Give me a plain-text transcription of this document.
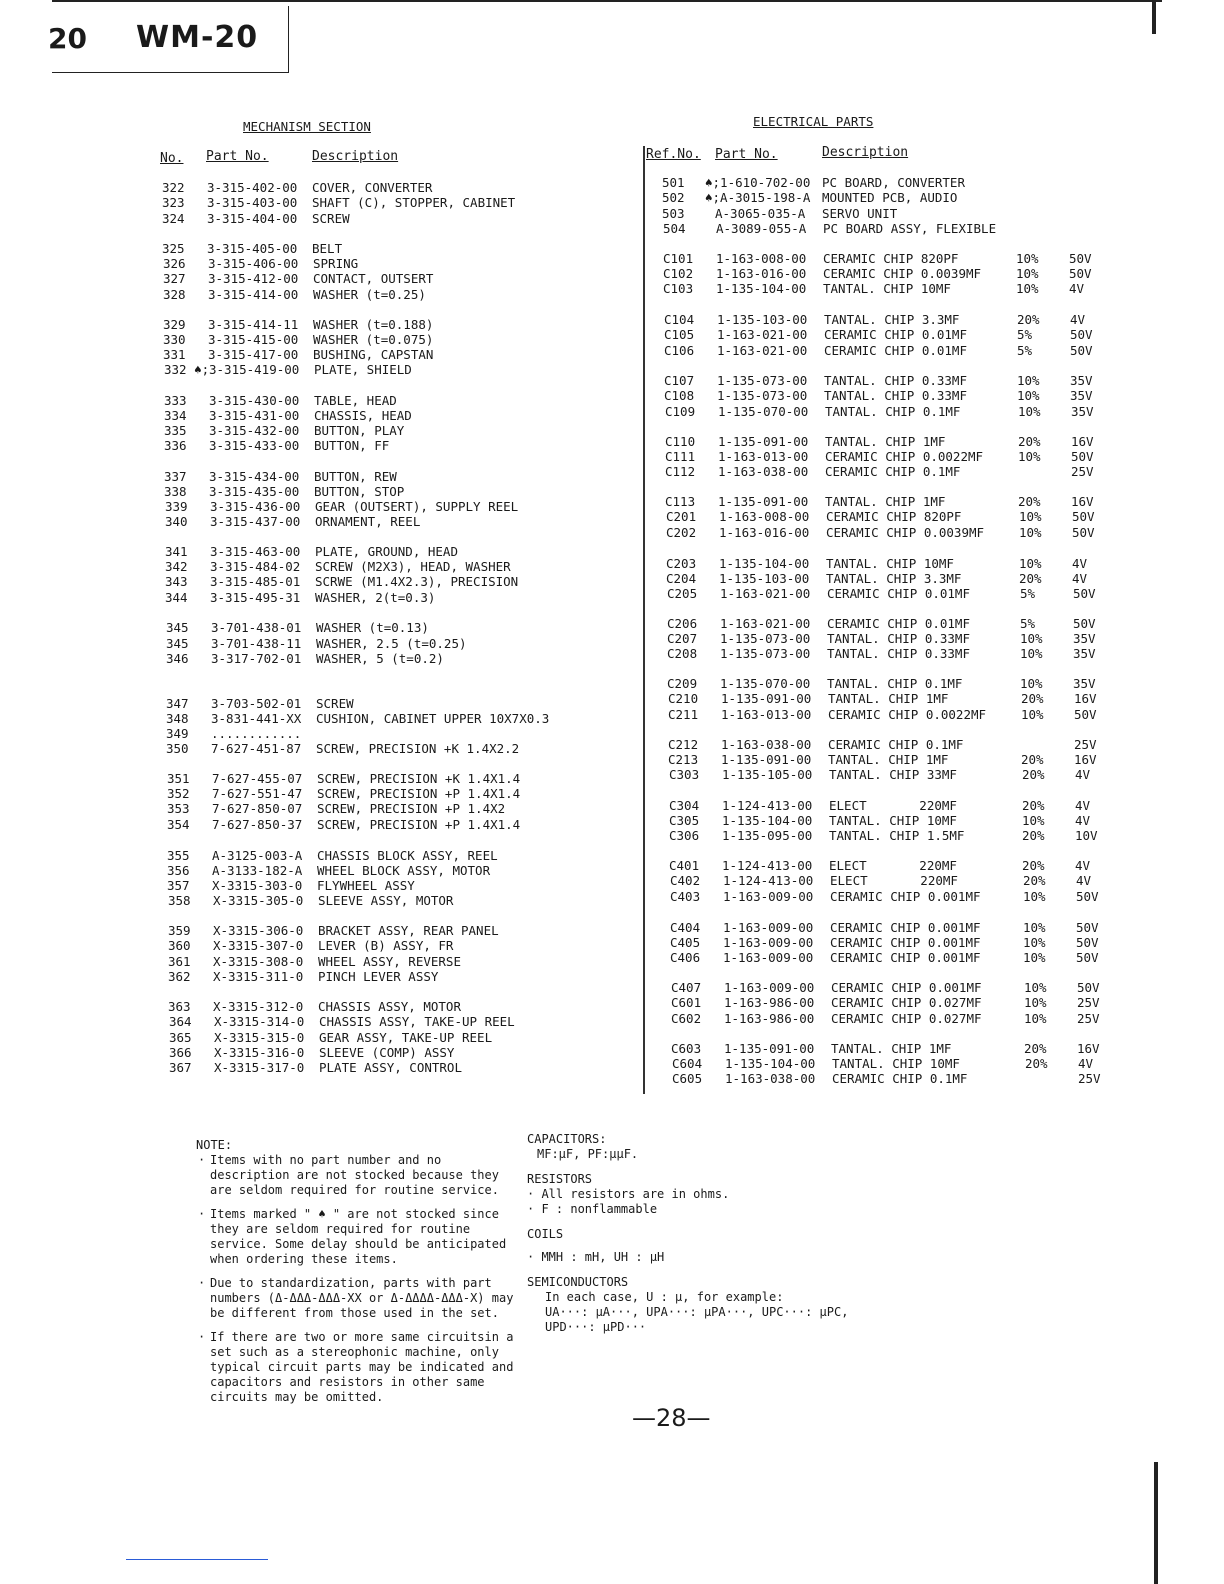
20 WM-20
MECHANISM SECTION
No. Part No.	Description
322 3-315-402-00 COVER, CONVERTER
323 3-315-403-00 SHAFT (C), STOPPER, CABINET
324 3-315-404-00 SCREW
325 3-315-405-00 BELT
326 3-315-406-00 SPRING
327 3-315-412-00 CONTACT, OUTSERT
328 3-315-414-00 WASHER (t=0.25)
329 3-315-414-11 WASHER (t=0.188)
330 3-315-415-00 WASHER (t=0.075)
331 3-315-417-00 BUSHING, CAPSTAN
332 ♠; 3-315-419-00 PLATE, SHIELD
333 3-315-430-00 TABLE, HEAD
334 3-315-431-00 CHASSIS, HEAD
335 3-315-432-00 BUTTON, PLAY
336 3-315-433-00 BUTTON, FF
337 3-315-434-00 BUTTON, REW
338 3-315-435-00 BUTTON, STOP
339 3-315-436-00 GEAR (OUTSERT), SUPPLY REEL
340 3-315-437-00 ORNAMENT, REEL
341 3-315-463-00 PLATE, GROUND, HEAD
342 3-315-484-02 SCREW (M2X3), HEAD, WASHER
343 3-315-485-01 SCRWE (M1.4X2.3), PRECISION
344 3-315-495-31 WASHER, 2(t=0.3)
345 3-701-438-01 WASHER (t=0.13)
345 3-701-438-11 WASHER, 2.5 (t=0.25)
346 3-317-702-01 WASHER, 5 (t=0.2)
347 3-703-502-01 SCREW
348 3-831-441-XX CUSHION, CABINET UPPER 10X7X0.3
349 ............
350 7-627-451-87 SCREW, PRECISION +K 1.4X2.2
351 7-627-455-07 SCREW, PRECISION +K 1.4X1.4
352 7-627-551-47 SCREW, PRECISION +P 1.4X1.4
353 7-627-850-07 SCREW, PRECISION +P 1.4X2
354 7-627-850-37 SCREW, PRECISION +P 1.4X1.4
355 A-3125-003-A CHASSIS BLOCK ASSY, REEL
356 A-3133-182-A WHEEL BLOCK ASSY, MOTOR
357 X-3315-303-0 FLYWHEEL ASSY
358 X-3315-305-0 SLEEVE ASSY, MOTOR
359 X-3315-306-0 BRACKET ASSY, REAR PANEL
360 X-3315-307-0 LEVER (B) ASSY, FR
361 X-3315-308-0 WHEEL ASSY, REVERSE
362 X-3315-311-0 PINCH LEVER ASSY
363 X-3315-312-0 CHASSIS ASSY, MOTOR
364 X-3315-314-0 CHASSIS ASSY, TAKE-UP REEL
365 X-3315-315-0 GEAR ASSY, TAKE-UP REEL
366 X-3315-316-0 SLEEVE (COMP) ASSY
367 X-3315-317-0 PLATE ASSY, CONTROL
ELECTRICAL PARTS
Ref.No. Part No.	Description
501 ♠;1-610-702-00 PC BOARD, CONVERTER
502 ♠;A-3015-198-A MOUNTED PCB, AUDIO
503 A-3065-035-A SERVO UNIT
504 A-3089-055-A PC BOARD ASSY, FLEXIBLE
C101 1-163-008-00 CERAMIC CHIP 820PF	10% 50V
C102 1-163-016-00 CERAMIC CHIP 0.0039MF	10% 50V
C103 1-135-104-00 TANTAL. CHIP 10MF	10% 4V
C104 1-135-103-00 TANTAL. CHIP 3.3MF	20% 4V
C105 1-163-021-00 CERAMIC CHIP 0.01MF	5%	50V
C106 1-163-021-00 CERAMIC CHIP 0.01MF	5%	50V
C107 1-135-073-00 TANTAL. CHIP 0.33MF	10% 35V
C108 1-135-073-00 TANTAL. CHIP 0.33MF	10% 35V
C109 1-135-070-00 TANTAL. CHIP 0.1MF	10% 35V
C110 1-135-091-00 TANTAL. CHIP 1MF	20% 16V
C111 1-163-013-00 CERAMIC CHIP 0.0022MF	10% 50V
C112 1-163-038-00 CERAMIC CHIP 0.1MF	25V
C113 1-135-091-00 TANTAL. CHIP 1MF	20% 16V
C201 1-163-008-00 CERAMIC CHIP 820PF	10% 50V
C202 1-163-016-00 CERAMIC CHIP 0.0039MF	10% 50V
C203 1-135-104-00 TANTAL. CHIP 10MF	10% 4V
C204 1-135-103-00 TANTAL. CHIP 3.3MF	20% 4V
C205 1-163-021-00 CERAMIC CHIP 0.01MF	5%	50V
C206 1-163-021-00 CERAMIC CHIP 0.01MF	5%	50V
C207 1-135-073-00 TANTAL. CHIP 0.33MF	10% 35V
C208 1-135-073-00 TANTAL. CHIP 0.33MF	10% 35V
C209 1-135-070-00 TANTAL. CHIP 0.1MF	10% 35V
C210 1-135-091-00 TANTAL. CHIP 1MF	20% 16V
C211 1-163-013-00 CERAMIC CHIP 0.0022MF	10% 50V
C212 1-163-038-00 CERAMIC CHIP 0.1MF	25V
C213 1-135-091-00 TANTAL. CHIP 1MF	20% 16V
C303 1-135-105-00 TANTAL. CHIP 33MF	20% 4V
C304 1-124-413-00 ELECT       220MF	20% 4V
C305 1-135-104-00 TANTAL. CHIP 10MF	10% 4V
C306 1-135-095-00 TANTAL. CHIP 1.5MF	20% 10V
C401 1-124-413-00 ELECT       220MF	20% 4V
C402 1-124-413-00 ELECT       220MF	20% 4V
C403 1-163-009-00 CERAMIC CHIP 0.001MF	10% 50V
C404 1-163-009-00 CERAMIC CHIP 0.001MF	10% 50V
C405 1-163-009-00 CERAMIC CHIP 0.001MF	10% 50V
C406 1-163-009-00 CERAMIC CHIP 0.001MF	10% 50V
C407 1-163-009-00 CERAMIC CHIP 0.001MF	10% 50V
C601 1-163-986-00 CERAMIC CHIP 0.027MF	10% 25V
C602 1-163-986-00 CERAMIC CHIP 0.027MF	10% 25V
C603 1-135-091-00 TANTAL. CHIP 1MF	20% 16V
C604 1-135-104-00 TANTAL. CHIP 10MF	20% 4V
C605 1-163-038-00 CERAMIC CHIP 0.1MF	25V
NOTE:
· Items with no part number and no description are not stocked because they are seldom required for routine service.
· Items marked " ♠ " are not stocked since they are seldom required for routine service. Some delay should be anticipated when ordering these items.
· Due to standardization, parts with part numbers (Δ-ΔΔΔ-ΔΔΔ-XX or Δ-ΔΔΔΔ-ΔΔΔ-X) may be different from those used in the set.
· If there are two or more same circuitsin a set such as a stereophonic machine, only typical circuit parts may be indicated and capacitors and resistors in other same circuits may be omitted.
CAPACITORS:
MF:μF, PF:μμF.
RESISTORS
· All resistors are in ohms.
· F : nonflammable
COILS
· MMH : mH, UH : μH
SEMICONDUCTORS
In each case, U : μ, for example:
UA···: μA···, UPA···: μPA···, UPC···: μPC,
UPD···: μPD···
—28—
